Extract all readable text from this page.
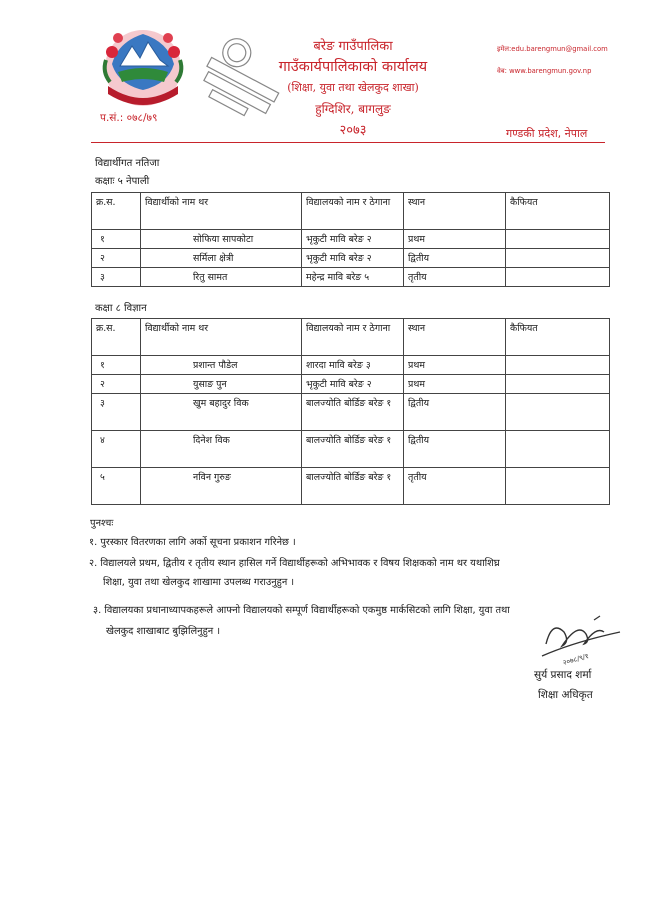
बरेङ गाउँपालिका
गाउँकार्यपालिकाको कार्यालय
(शिक्षा, युवा तथा खेलकुद शाखा)
हुग्दिशिर, बागलुङ
२०७३
इमेल:edu.barengmun@gmail.com
वेब: www.barengmun.gov.np
प.सं.: ०७८/७९
गण्डकी प्रदेश, नेपाल
विद्यार्थीगत नतिजा
कक्षाः ५ नेपाली
क्र.स.	विद्यार्थीको नाम थर	विद्यालयको नाम र ठेगाना	स्थान	कैफियत
१	सोफिया सापकोटा	भृकुटी मावि बरेङ २	प्रथम	
२	सर्मिला क्षेत्री	भृकुटी मावि बरेङ २	द्वितीय	
३	रितु सामत	महेन्द्र मावि बरेङ ५	तृतीय	
कक्षा ८ विज्ञान
क्र.स.	विद्यार्थीको नाम थर	विद्यालयको नाम र ठेगाना	स्थान	कैफियत
१	प्रशान्त पौडेल	शारदा मावि बरेङ ३	प्रथम	
२	युसाङ पुन	भृकुटी मावि बरेङ २	प्रथम	
३	खुम बहादुर विक	बालज्योति बोर्डिङ बरेङ १	द्वितीय	
४	दिनेश विक	बालज्योति बोर्डिङ बरेङ १	द्वितीय	
५	नविन गुरुङ	बालज्योति बोर्डिङ बरेङ १	तृतीय	
पुनश्चः
१. पुरस्कार वितरणका लागि अर्को सूचना प्रकाशन गरिनेछ ।
२. विद्यालयले प्रथम, द्वितीय र तृतीय स्थान हासिल गर्ने विद्यार्थीहरूको अभिभावक र विषय शिक्षकको नाम थर यथाशिघ्र
शिक्षा, युवा तथा खेलकुद शाखामा उपलब्ध गराउनुहुन ।
३. विद्यालयका प्रधानाध्यापकहरूले आफ्नो विद्यालयको सम्पूर्ण विद्यार्थीहरूको एकमुष्ठ मार्कसिटको लागि शिक्षा, युवा तथा
खेलकुद शाखाबाट बुझिलिनुहुन ।
२०७८/९/१
सुर्य प्रसाद शर्मा
शिक्षा अधिकृत
